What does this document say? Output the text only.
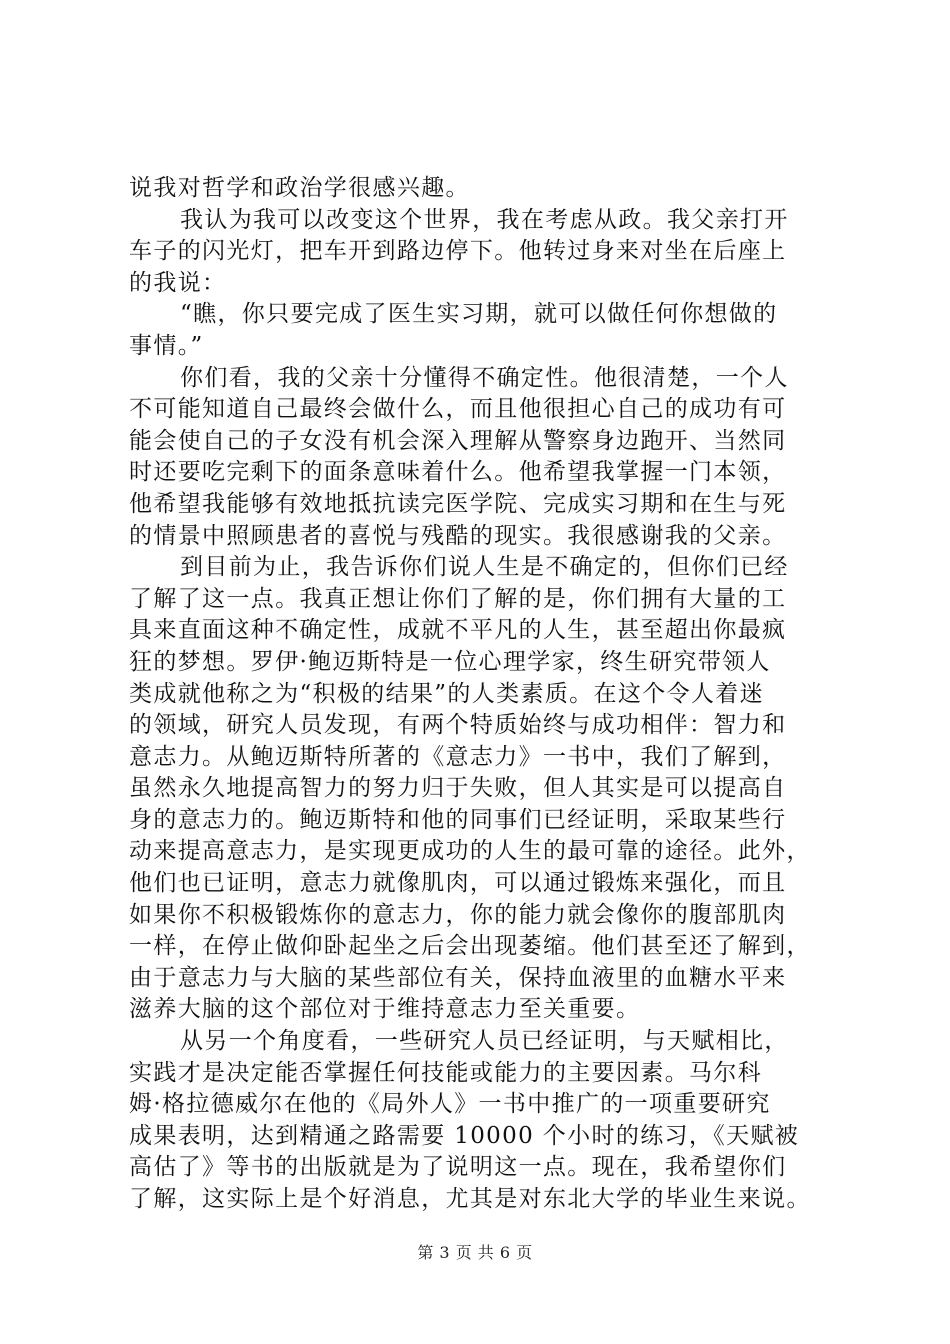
说我对哲学和政治学很感兴趣。
我认为我可以改变这个世界，我在考虑从政。我父亲打开
车子的闪光灯，把车开到路边停下。他转过身来对坐在后座上
的我说：
“瞧，你只要完成了医生实习期，就可以做任何你想做的
事情。”
你们看，我的父亲十分懂得不确定性。他很清楚，一个人
不可能知道自己最终会做什么，而且他很担心自己的成功有可
能会使自己的子女没有机会深入理解从警察身边跑开、当然同
时还要吃完剩下的面条意味着什么。他希望我掌握一门本领，
他希望我能够有效地抵抗读完医学院、完成实习期和在生与死
的情景中照顾患者的喜悦与残酷的现实。我很感谢我的父亲。
到目前为止，我告诉你们说人生是不确定的，但你们已经
了解了这一点。我真正想让你们了解的是，你们拥有大量的工
具来直面这种不确定性，成就不平凡的人生，甚至超出你最疯
狂的梦想。罗伊·鲍迈斯特是一位心理学家，终生研究带领人
类成就他称之为“积极的结果”的人类素质。在这个令人着迷
的领域，研究人员发现，有两个特质始终与成功相伴：智力和
意志力。从鲍迈斯特所著的《意志力》一书中，我们了解到，
虽然永久地提高智力的努力归于失败，但人其实是可以提高自
身的意志力的。鲍迈斯特和他的同事们已经证明，采取某些行
动来提高意志力，是实现更成功的人生的最可靠的途径。此外，
他们也已证明，意志力就像肌肉，可以通过锻炼来强化，而且
如果你不积极锻炼你的意志力，你的能力就会像你的腹部肌肉
一样，在停止做仰卧起坐之后会出现萎缩。他们甚至还了解到，
由于意志力与大脑的某些部位有关，保持血液里的血糖水平来
滋养大脑的这个部位对于维持意志力至关重要。
从另一个角度看，一些研究人员已经证明，与天赋相比，
实践才是决定能否掌握任何技能或能力的主要因素。马尔科
姆·格拉德威尔在他的《局外人》一书中推广的一项重要研究
成果表明，达到精通之路需要 10000 个小时的练习，《天赋被
高估了》等书的出版就是为了说明这一点。现在，我希望你们
了解，这实际上是个好消息，尤其是对东北大学的毕业生来说。
第 3 页 共 6 页
